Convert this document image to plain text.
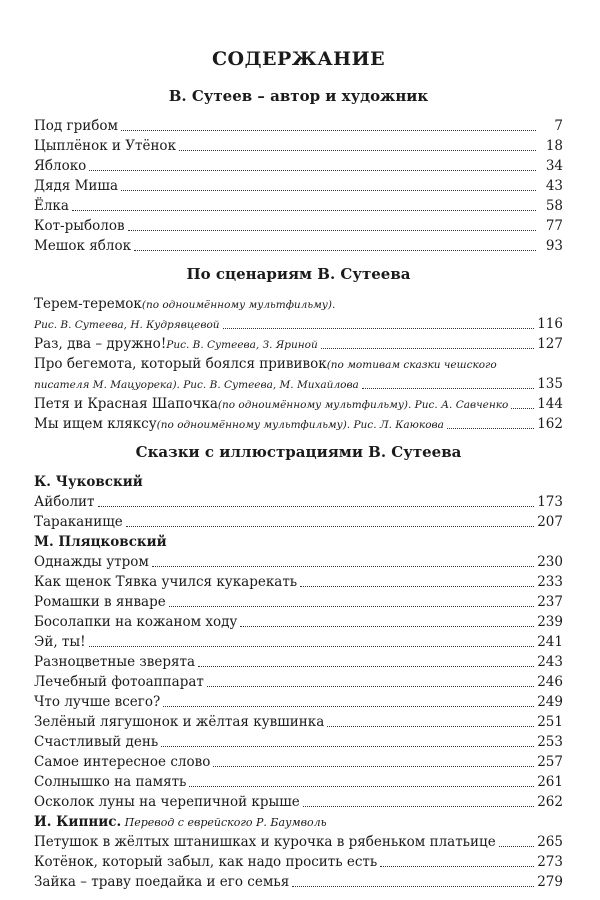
СОДЕРЖАНИЕ
В. Сутеев – автор и художник
Под грибом	7
Цыплёнок и Утёнок	18
Яблоко	34
Дядя Миша	43
Ёлка	58
Кот-рыболов	77
Мешок яблок	93
По сценариям В. Сутеева
Терем-теремок (по одноимённому мультфильму).
Рис. В. Сутеева, Н. Кудрявцевой	116
Раз, два – дружно! Рис. В. Сутеева, З. Яриной	127
Про бегемота, который боялся прививок (по мотивам сказки чешского
писателя М. Мацуорека). Рис. В. Сутеева, М. Михайлова	135
Петя и Красная Шапочка (по одноимённому мультфильму). Рис. А. Савченко 144
Мы ищем кляксу (по одноимённому мультфильму). Рис. Л. Каюкова	162
Сказки с иллюстрациями В. Сутеева
К. Чуковский
Айболит	173
Тараканище	207
М. Пляцковский
Однажды утром	230
Как щенок Тявка учился кукарекать	233
Ромашки в январе	237
Босолапки на кожаном ходу	239
Эй, ты!	241
Разноцветные зверята	243
Лечебный фотоаппарат	246
Что лучше всего?	249
Зелёный лягушонок и жёлтая кувшинка	251
Счастливый день	253
Самое интересное слово	257
Солнышко на память	261
Осколок луны на черепичной крыше	262
И. Кипнис. Перевод с еврейского Р. Баумволь
Петушок в жёлтых штанишках и курочка в рябеньком платьице	265
Котёнок, который забыл, как надо просить есть	273
Зайка – траву поедайка и его семья	279
